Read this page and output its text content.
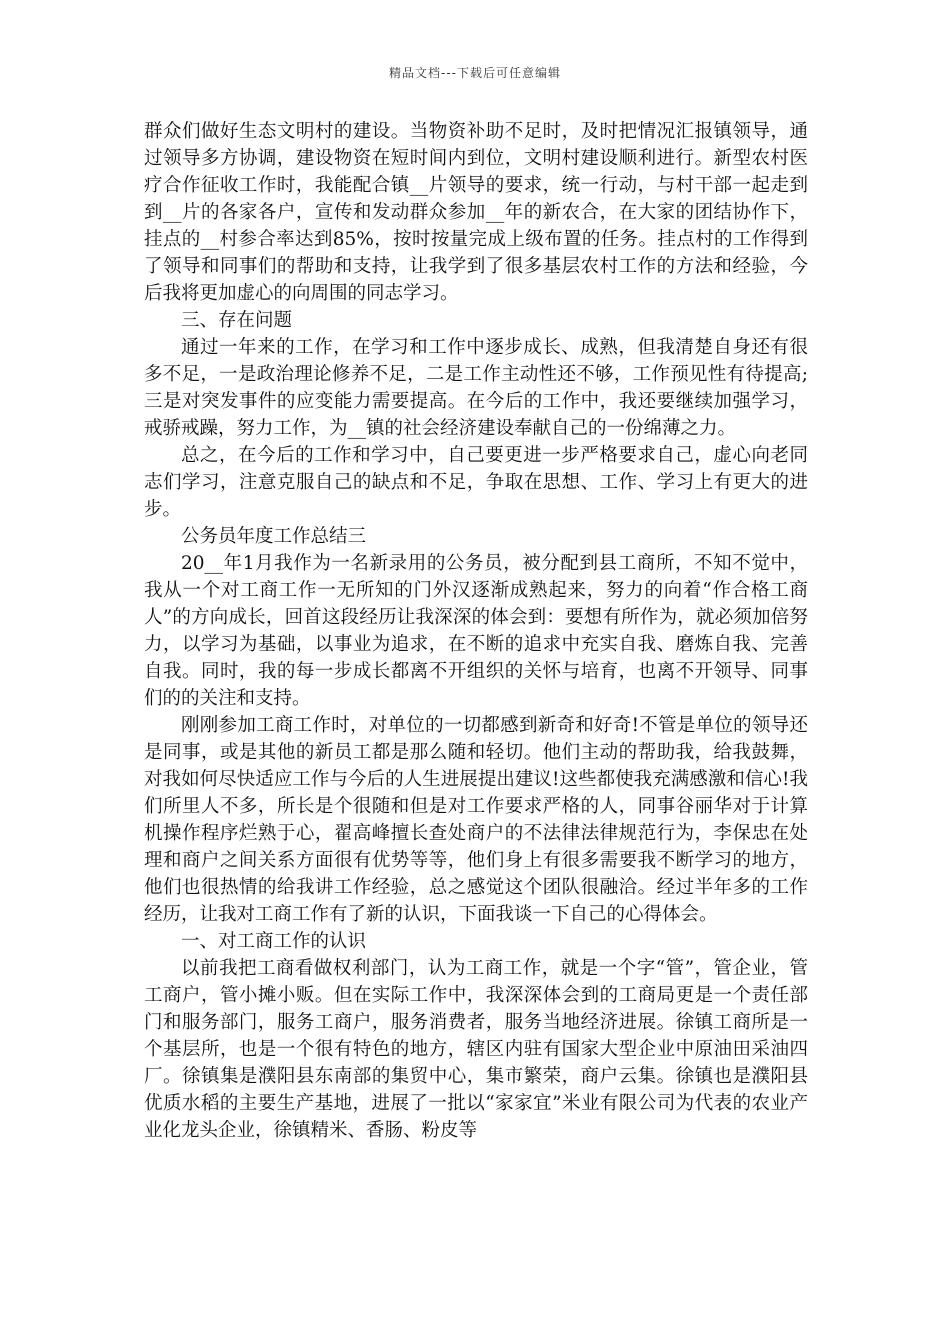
精品文档---下载后可任意编辑

群众们做好生态文明村的建设。当物资补助不足时，及时把情况汇报镇领导，通过领导多方协调，建设物资在短时间内到位，文明村建设顺利进行。新型农村医疗合作征收工作时，我能配合镇__片领导的要求，统一行动，与村干部一起走到到__片的各家各户，宣传和发动群众参加__年的新农合，在大家的团结协作下，挂点的__村参合率达到85%，按时按量完成上级布置的任务。挂点村的工作得到了领导和同事们的帮助和支持，让我学到了很多基层农村工作的方法和经验，今后我将更加虚心的向周围的同志学习。

三、存在问题

通过一年来的工作，在学习和工作中逐步成长、成熟，但我清楚自身还有很多不足，一是政治理论修养不足，二是工作主动性还不够，工作预见性有待提高;三是对突发事件的应变能力需要提高。在今后的工作中，我还要继续加强学习，戒骄戒躁，努力工作，为__镇的社会经济建设奉献自己的一份绵薄之力。

总之，在今后的工作和学习中，自己要更进一步严格要求自己，虚心向老同志们学习，注意克服自己的缺点和不足，争取在思想、工作、学习上有更大的进步。

公务员年度工作总结三

20__年1月我作为一名新录用的公务员，被分配到县工商所，不知不觉中，我从一个对工商工作一无所知的门外汉逐渐成熟起来，努力的向着“作合格工商人”的方向成长，回首这段经历让我深深的体会到：要想有所作为，就必须加倍努力，以学习为基础，以事业为追求，在不断的追求中充实自我、磨炼自我、完善自我。同时，我的每一步成长都离不开组织的关怀与培育，也离不开领导、同事们的的关注和支持。

刚刚参加工商工作时，对单位的一切都感到新奇和好奇!不管是单位的领导还是同事，或是其他的新员工都是那么随和轻切。他们主动的帮助我，给我鼓舞，对我如何尽快适应工作与今后的人生进展提出建议!这些都使我充满感激和信心!我们所里人不多，所长是个很随和但是对工作要求严格的人，同事谷丽华对于计算机操作程序烂熟于心，翟高峰擅长查处商户的不法律法律规范行为，李保忠在处理和商户之间关系方面很有优势等等，他们身上有很多需要我不断学习的地方，他们也很热情的给我讲工作经验，总之感觉这个团队很融洽。经过半年多的工作经历，让我对工商工作有了新的认识，下面我谈一下自己的心得体会。

一、对工商工作的认识

以前我把工商看做权利部门，认为工商工作，就是一个字“管”，管企业，管工商户，管小摊小贩。但在实际工作中，我深深体会到的工商局更是一个责任部门和服务部门，服务工商户，服务消费者，服务当地经济进展。徐镇工商所是一个基层所，也是一个很有特色的地方，辖区内驻有国家大型企业中原油田采油四厂。徐镇集是濮阳县东南部的集贸中心，集市繁荣，商户云集。徐镇也是濮阳县优质水稻的主要生产基地，进展了一批以“家家宜”米业有限公司为代表的农业产业化龙头企业，徐镇精米、香肠、粉皮等
